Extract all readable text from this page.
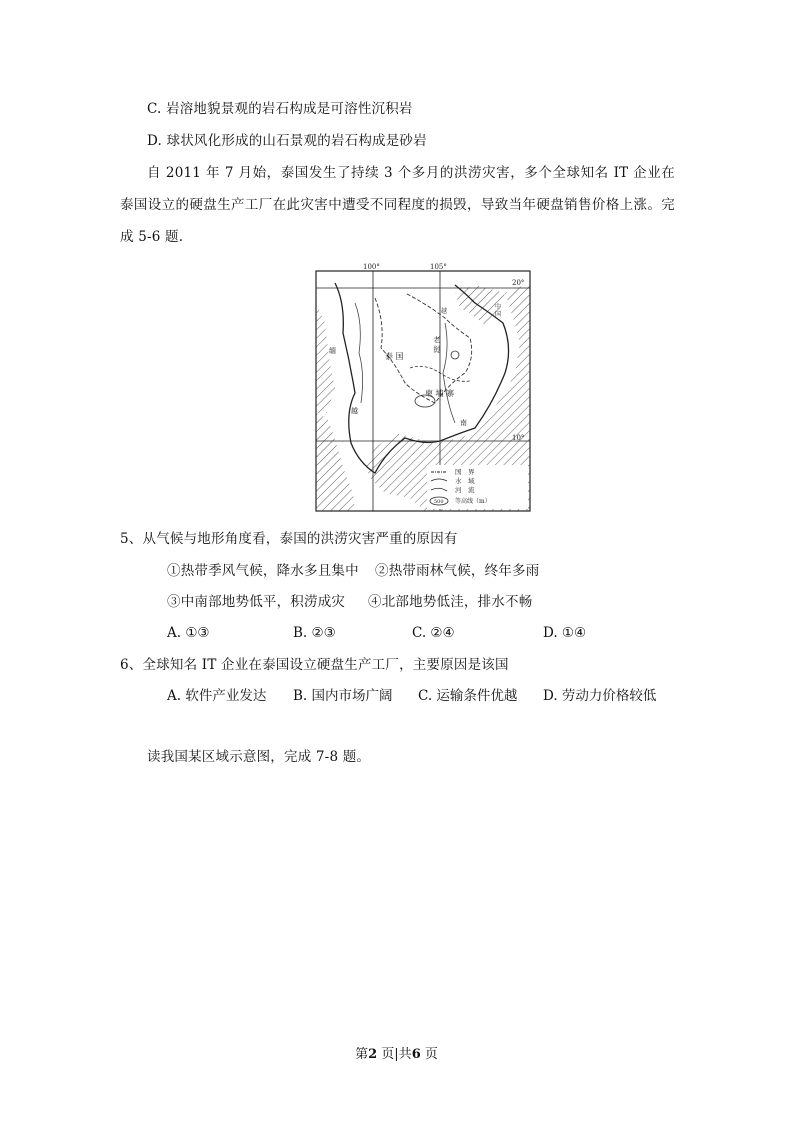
C. 岩溶地貌景观的岩石构成是可溶性沉积岩
D. 球状风化形成的山石景观的岩石构成是砂岩
自 2011 年 7 月始，泰国发生了持续 3 个多月的洪涝灾害，多个全球知名 IT 企业在泰国设立的硬盘生产工厂在此灾害中遭受不同程度的损毁，导致当年硬盘销售价格上涨。完成 5-6 题.
100°	105°
20°
10°
泰 国
柬 埔 寨
老 挝
缅
越	中 国
南
越
国　界
水　域
河　流
500 等高线（m）
5、从气候与地形角度看，泰国的洪涝灾害严重的原因有
①热带季风气候，降水多且集中 ②热带雨林气候，终年多雨
③中南部地势低平，积涝成灾 ④北部地势低洼，排水不畅
A. ①③	B. ②③	C. ②④	D. ①④
6、全球知名 IT 企业在泰国设立硬盘生产工厂，主要原因是该国
A. 软件产业发达 B. 国内市场广阔 C. 运输条件优越 D. 劳动力价格较低
读我国某区域示意图，完成 7-8 题。
第2 页|共6 页
